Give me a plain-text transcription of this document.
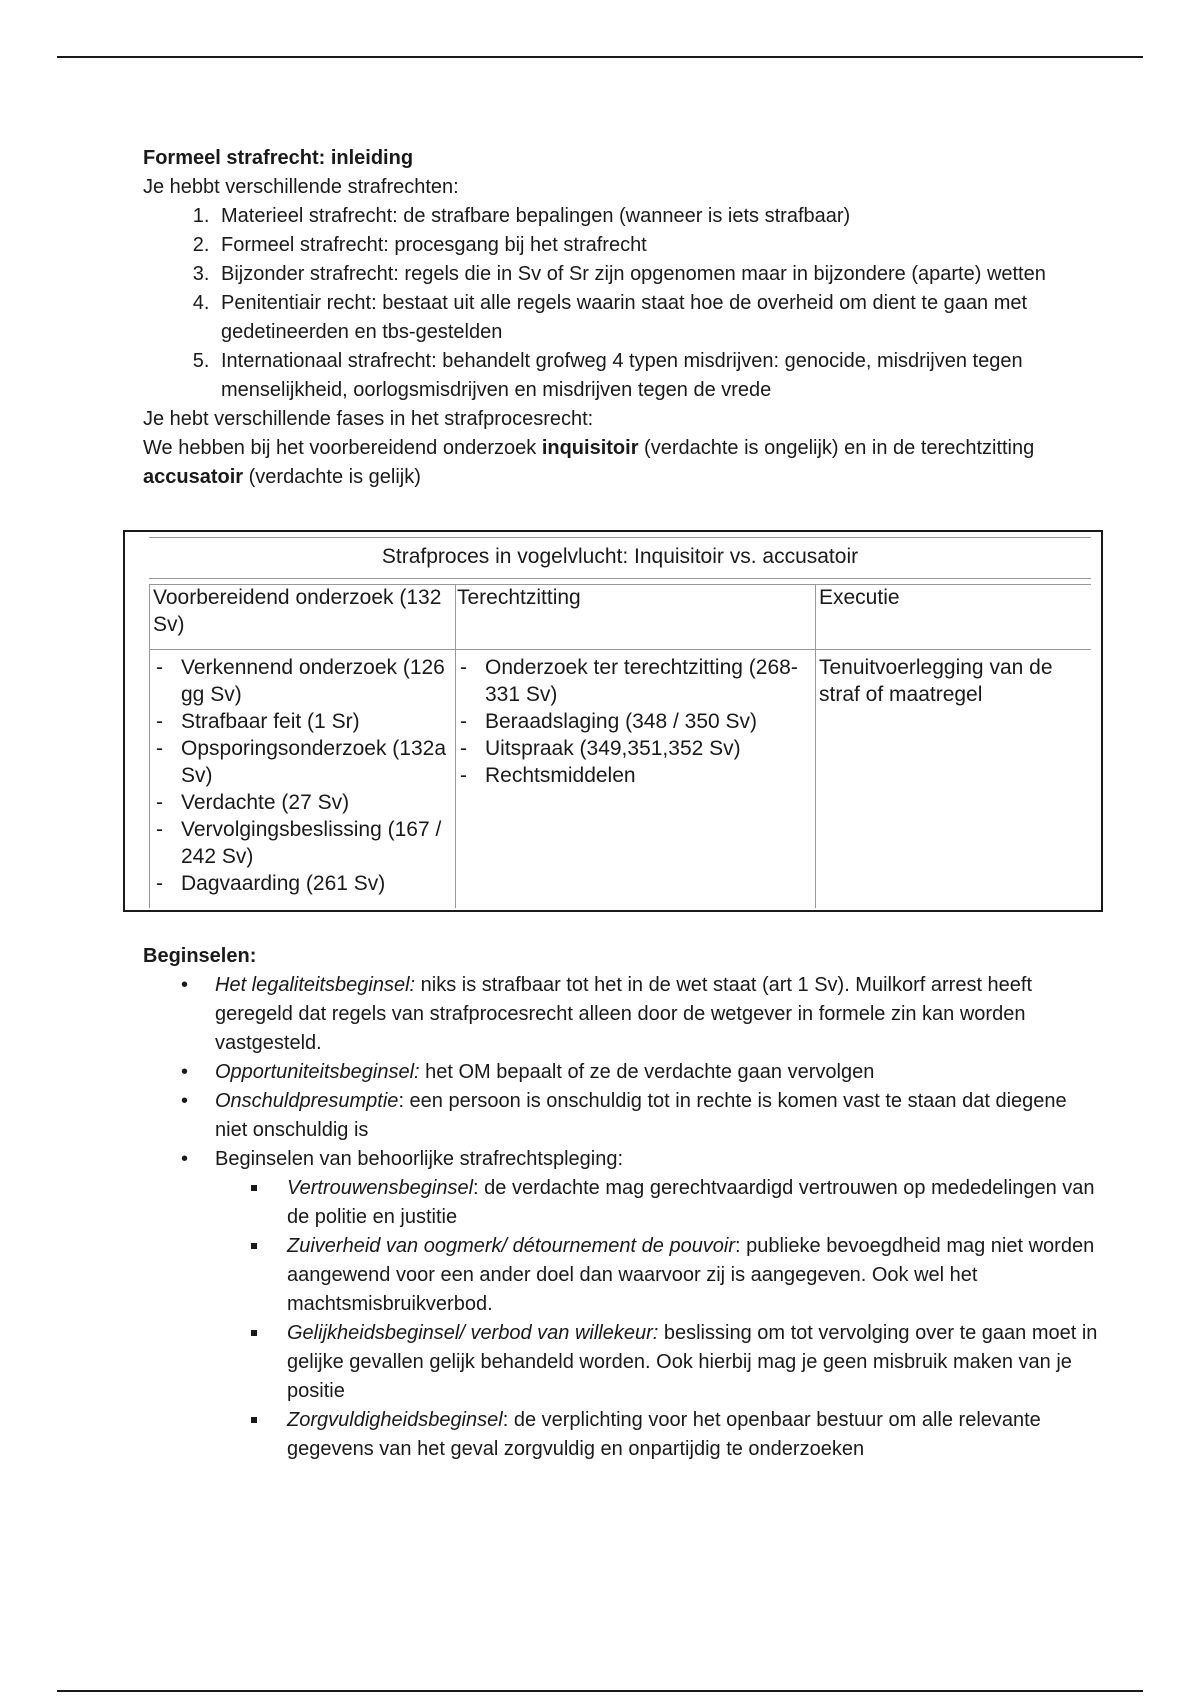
Formeel strafrecht: inleiding

Je hebbt verschillende strafrechten:

1. Materieel strafrecht: de strafbare bepalingen (wanneer is iets strafbaar)
2. Formeel strafrecht: procesgang bij het strafrecht
3. Bijzonder strafrecht: regels die in Sv of Sr zijn opgenomen maar in bijzondere (aparte) wetten
4. Penitentiair recht: bestaat uit alle regels waarin staat hoe de overheid om dient te gaan met gedetineerden en tbs-gestelden
5. Internationaal strafrecht: behandelt grofweg 4 typen misdrijven: genocide, misdrijven tegen menselijkheid, oorlogsmisdrijven en misdrijven tegen de vrede

Je hebt verschillende fases in het strafprocesrecht:

We hebben bij het voorbereidend onderzoek inquisitoir (verdachte is ongelijk) en in de terechtzitting accusatoir (verdachte is gelijk)

Strafproces in vogelvlucht: Inquisitoir vs. accusatoir

Voorbereidend onderzoek (132 Sv)

- Verkennend onderzoek (126 gg Sv)
- Strafbaar feit (1 Sr)
- Opsporingsonderzoek (132a Sv)
- Verdachte (27 Sv)
- Vervolgingsbeslissing (167 / 242 Sv)
- Dagvaarding (261 Sv)

Terechtzitting

- Onderzoek ter terechtzitting (268-331 Sv)
- Beraadslaging (348 / 350 Sv)
- Uitspraak (349,351,352 Sv)
- Rechtsmiddelen

Executie

Tenuitvoerlegging van de straf of maatregel

Beginselen:

• Het legaliteitsbeginsel: niks is strafbaar tot het in de wet staat (art 1 Sv). Muilkorf arrest heeft geregeld dat regels van strafprocesrecht alleen door de wetgever in formele zin kan worden vastgesteld.
• Opportuniteitsbeginsel: het OM bepaalt of ze de verdachte gaan vervolgen
• Onschuldpresumptie: een persoon is onschuldig tot in rechte is komen vast te staan dat diegene niet onschuldig is
• Beginselen van behoorlijke strafrechtspleging:
Vertrouwensbeginsel: de verdachte mag gerechtvaardigd vertrouwen op mededelingen van de politie en justitie
Zuiverheid van oogmerk/ détournement de pouvoir: publieke bevoegdheid mag niet worden aangewend voor een ander doel dan waarvoor zij is aangegeven. Ook wel het machtsmisbruikverbod.
Gelijkheidsbeginsel/ verbod van willekeur: beslissing om tot vervolging over te gaan moet in gelijke gevallen gelijk behandeld worden. Ook hierbij mag je geen misbruik maken van je positie
Zorgvuldigheidsbeginsel: de verplichting voor het openbaar bestuur om alle relevante gegevens van het geval zorgvuldig en onpartijdig te onderzoeken
